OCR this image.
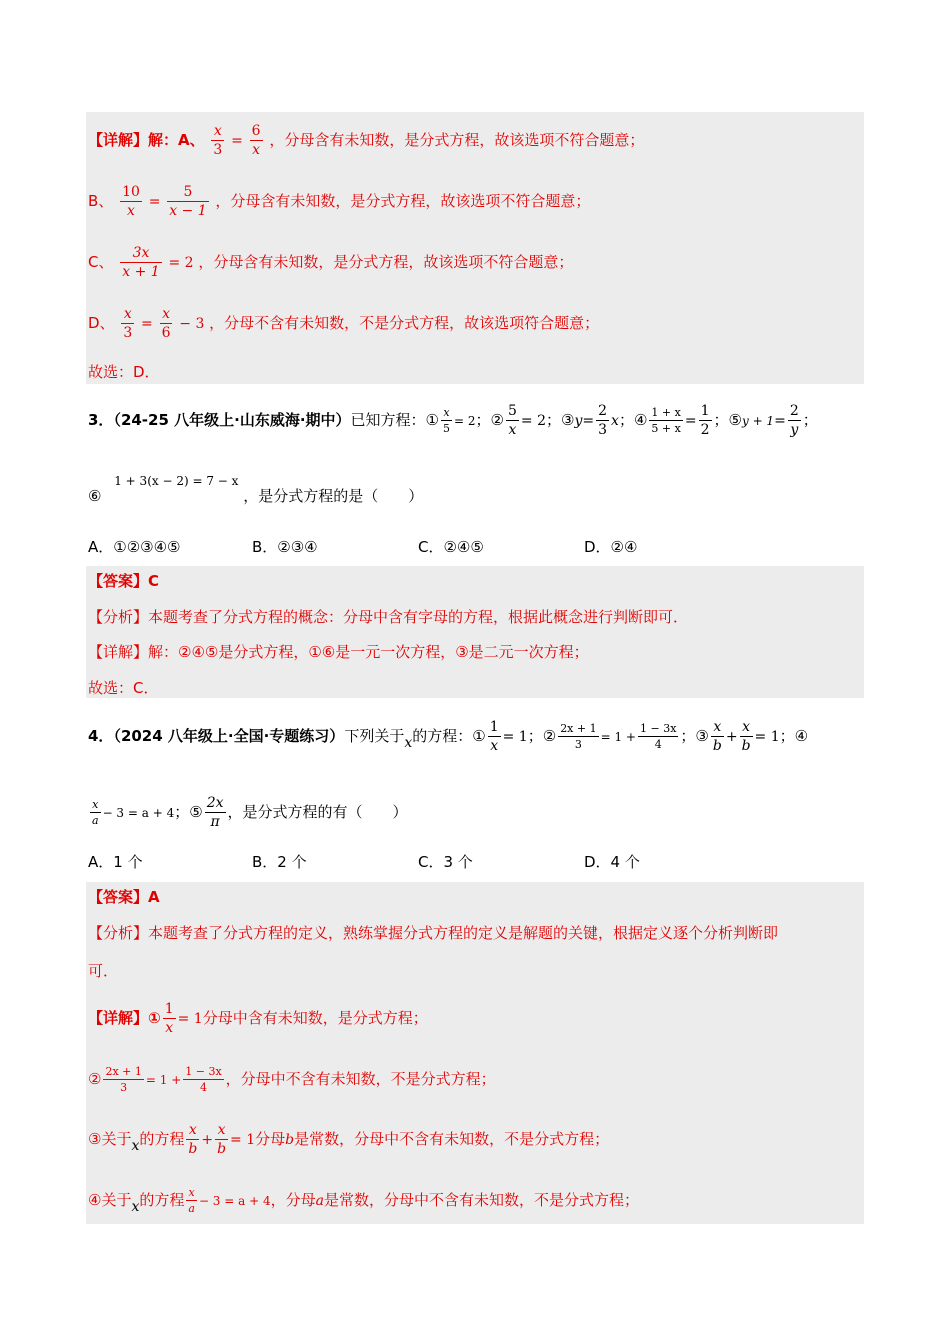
【详解】解：A、 $\frac{x}{3} = \frac{6}{x}$ ，分母含有未知数，是分式方程，故该选项不符合题意；
B、 $\frac{10}{x} = \frac{5}{x - 1}$ ，分母含有未知数，是分式方程，故该选项不符合题意；
C、 $\frac{3x}{x + 1} = 2$ ，分母含有未知数，是分式方程，故该选项不符合题意；
D、 $\frac{x}{3} = \frac{x}{6} - 3$ ，分母不含有未知数，不是分式方程，故该选项符合题意；
故选：D．
3．（24-25 八年级上·山东威海·期中）已知方程：① $\frac{x}{5} = 2$；② $\frac{5}{x} = 2$；③y= $\frac{2}{3}$ x；④ $\frac{1 + x}{5 + x} = \frac{1}{2}$ ；⑤y + $1= \frac{2}{y}$ ；
⑥ $^{1 + 3(x - 2) = 7 - x}$ ，是分式方程的是（　　）
A．①②③④⑤	B．②③④	C．②④⑤	D．②④
【答案】C
【分析】本题考查了分式方程的概念：分母中含有字母的方程，根据此概念进行判断即可．
【详解】解：②④⑤是分式方程，①⑥是一元一次方程，③是二元一次方程；
故选：C．
4．（2024 八年级上·全国·专题练习）下列关于x的方程：① $\frac{1}{x} = 1$；② $\frac{2x + 1}{3} = 1 + \frac{1 - 3x}{4}$ ；③ $\frac{x}{b} + \frac{x}{b} = 1$；④
$\frac{x}{a} - 3 = a + 4$；⑤ $\frac{2x}{\pi}$ ，是分式方程的有（　　）
A．1 个	B．2 个	C．3 个	D．4 个
【答案】A
【分析】本题考查了分式方程的定义，熟练掌握分式方程的定义是解题的关键，根据定义逐个分析判断即
可．
【详解】① $\frac{1}{x} = 1$分母中含有未知数，是分式方程；
② $\frac{2x + 1}{3} = 1 + \frac{1 - 3x}{4}$ ，分母中不含有未知数，不是分式方程；
③关于x的方程 $\frac{x}{b} + \frac{x}{b} = 1$分母b是常数，分母中不含有未知数，不是分式方程；
④关于x的方程 $\frac{x}{a} - 3 = a + 4$，分母a是常数，分母中不含有未知数，不是分式方程；
